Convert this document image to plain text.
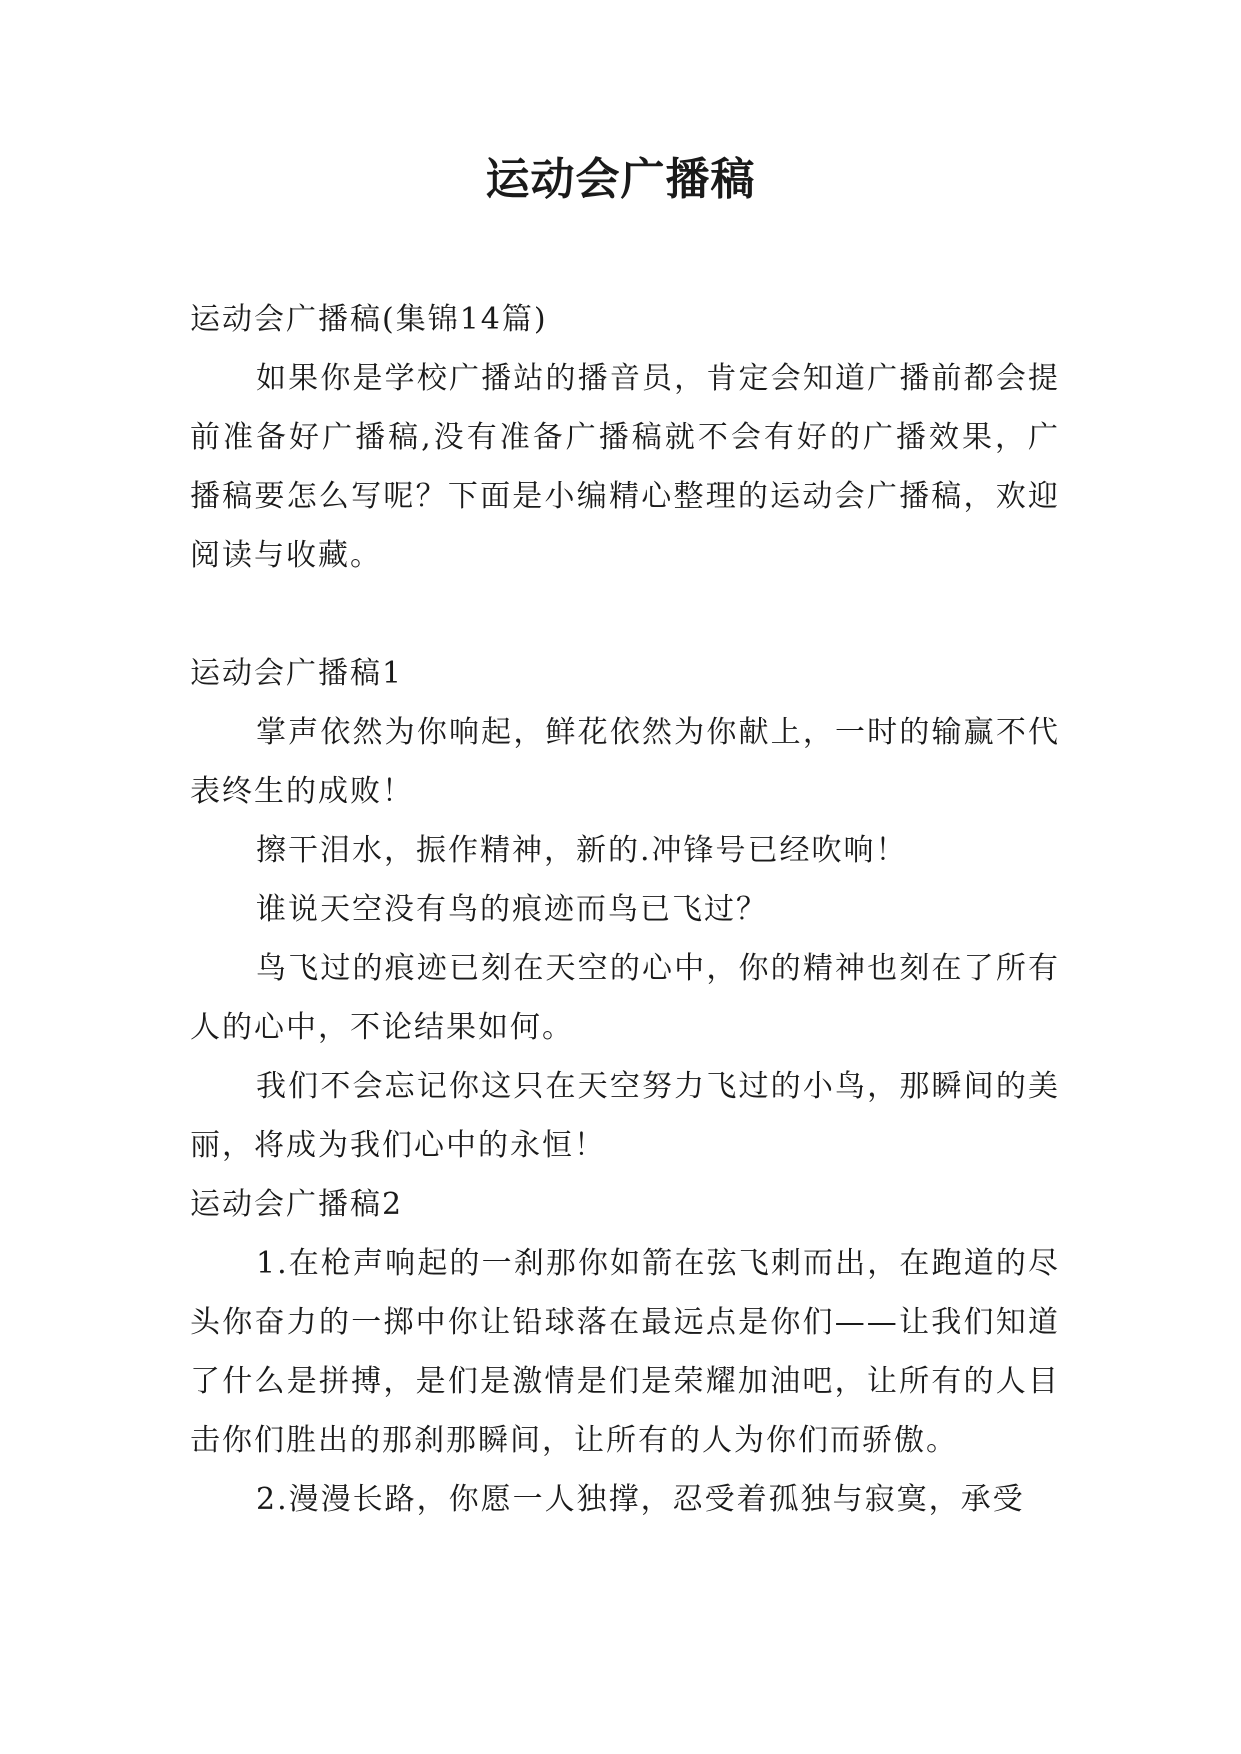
运动会广播稿

运动会广播稿(集锦14篇)

如果你是学校广播站的播音员，肯定会知道广播前都会提前准备好广播稿,没有准备广播稿就不会有好的广播效果，广播稿要怎么写呢？下面是小编精心整理的运动会广播稿，欢迎阅读与收藏。

运动会广播稿1

掌声依然为你响起，鲜花依然为你献上，一时的输赢不代表终生的成败！

擦干泪水，振作精神，新的.冲锋号已经吹响！

谁说天空没有鸟的痕迹而鸟已飞过？

鸟飞过的痕迹已刻在天空的心中，你的精神也刻在了所有人的心中，不论结果如何。

我们不会忘记你这只在天空努力飞过的小鸟，那瞬间的美丽，将成为我们心中的永恒！

运动会广播稿2

1.在枪声响起的一刹那你如箭在弦飞刺而出，在跑道的尽头你奋力的一掷中你让铅球落在最远点是你们——让我们知道了什么是拼搏，是们是激情是们是荣耀加油吧，让所有的人目击你们胜出的那刹那瞬间，让所有的人为你们而骄傲。

2.漫漫长路，你愿一人独撑，忍受着孤独与寂寞，承受
